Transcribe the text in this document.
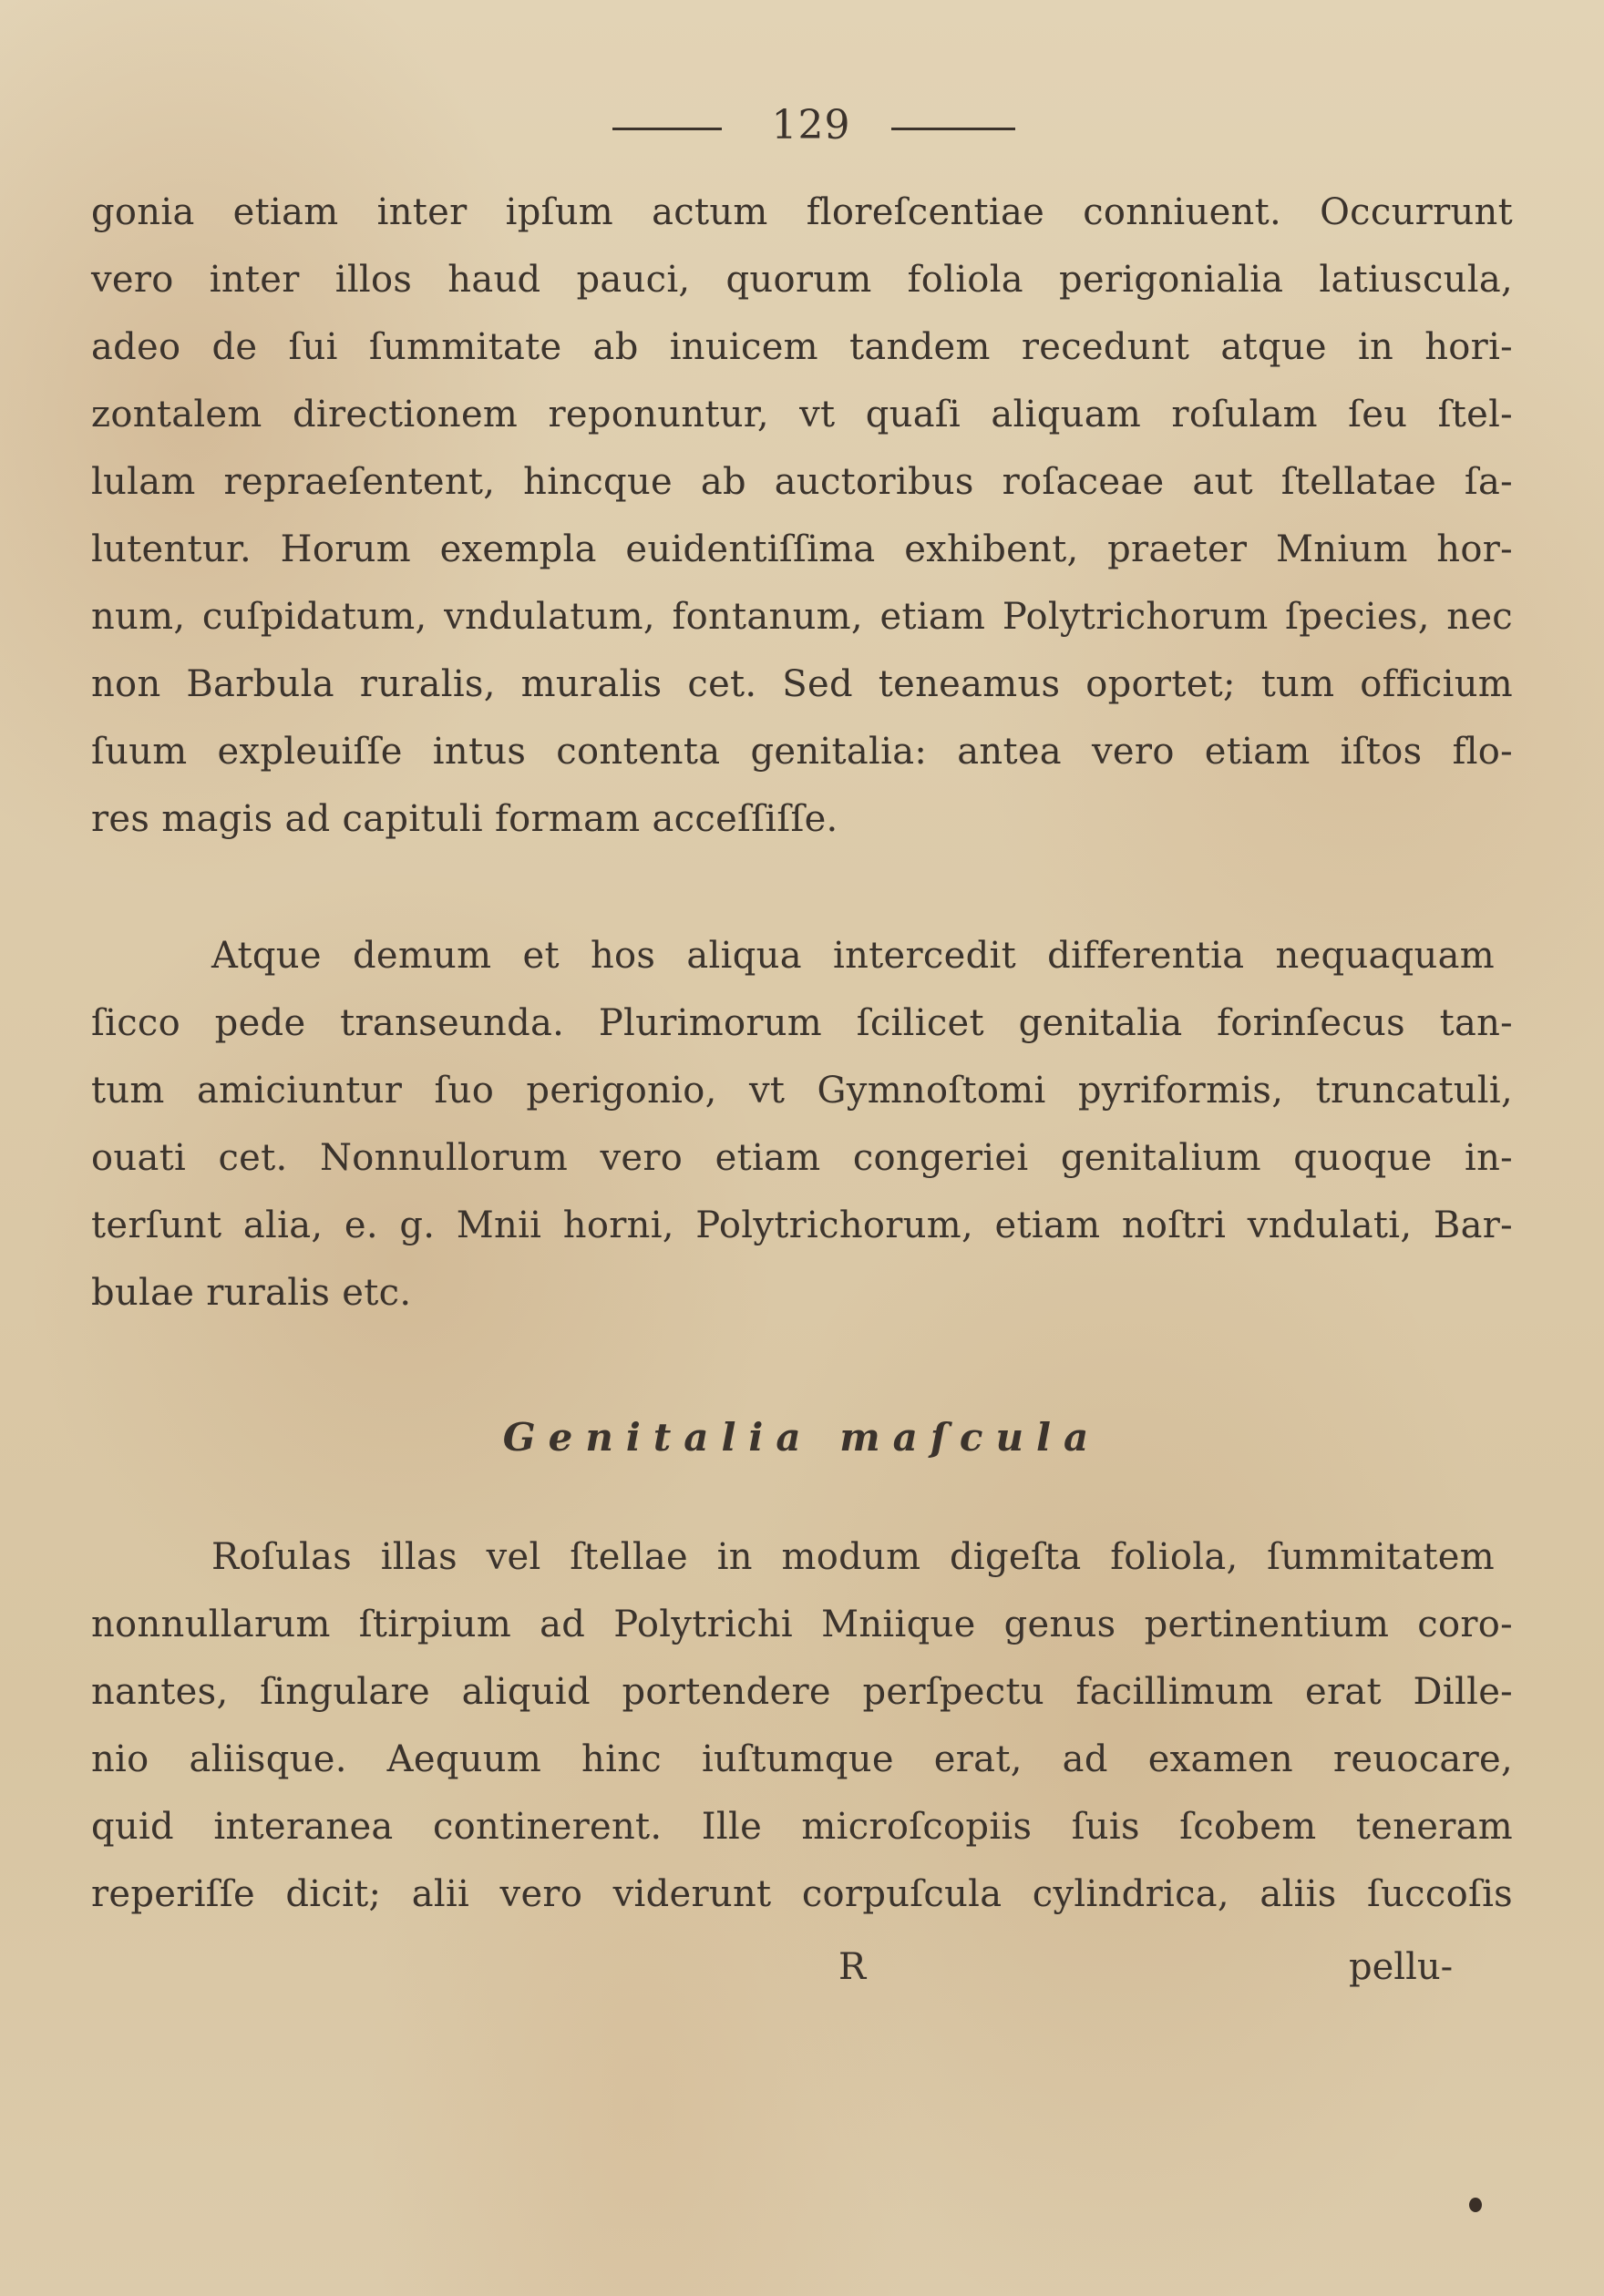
129
gonia etiam inter ipſum actum floreſcentiae conniuent. Occurrunt
vero inter illos haud pauci, quorum foliola perigonialia latiuscula,
adeo de ſui ſummitate ab inuicem tandem recedunt atque in hori-
zontalem directionem reponuntur, vt quaſi aliquam roſulam ſeu ſtel-
lulam repraeſentent, hincque ab auctoribus roſaceae aut ſtellatae ſa-
lutentur. Horum exempla euidentiſſima exhibent, praeter Mnium hor-
num, cuſpidatum, vndulatum, fontanum, etiam Polytrichorum ſpecies, nec
non Barbula ruralis, muralis cet. Sed teneamus oportet; tum officium
ſuum expleuiſſe intus contenta genitalia: antea vero etiam iſtos flo-
res magis ad capituli formam acceſſiſſe.
Atque demum et hos aliqua intercedit differentia nequaquam
ſicco pede transeunda. Plurimorum ſcilicet genitalia forinſecus tan-
tum amiciuntur ſuo perigonio, vt Gymnoſtomi pyriformis, truncatuli,
ouati cet. Nonnullorum vero etiam congeriei genitalium quoque in-
terſunt alia, e. g. Mnii horni, Polytrichorum, etiam noſtri vndulati, Bar-
bulae ruralis etc.
Genitalia maſcula
Roſulas illas vel ſtellae in modum digeſta foliola, ſummitatem
nonnullarum ſtirpium ad Polytrichi Mniique genus pertinentium coro-
nantes, ſingulare aliquid portendere perſpectu facillimum erat Dille-
nio aliisque. Aequum hinc iuſtumque erat, ad examen reuocare,
quid interanea continerent. Ille microſcopiis ſuis ſcobem teneram
reperiſſe dicit; alii vero viderunt corpuſcula cylindrica, aliis ſuccoſis
R	pellu-
